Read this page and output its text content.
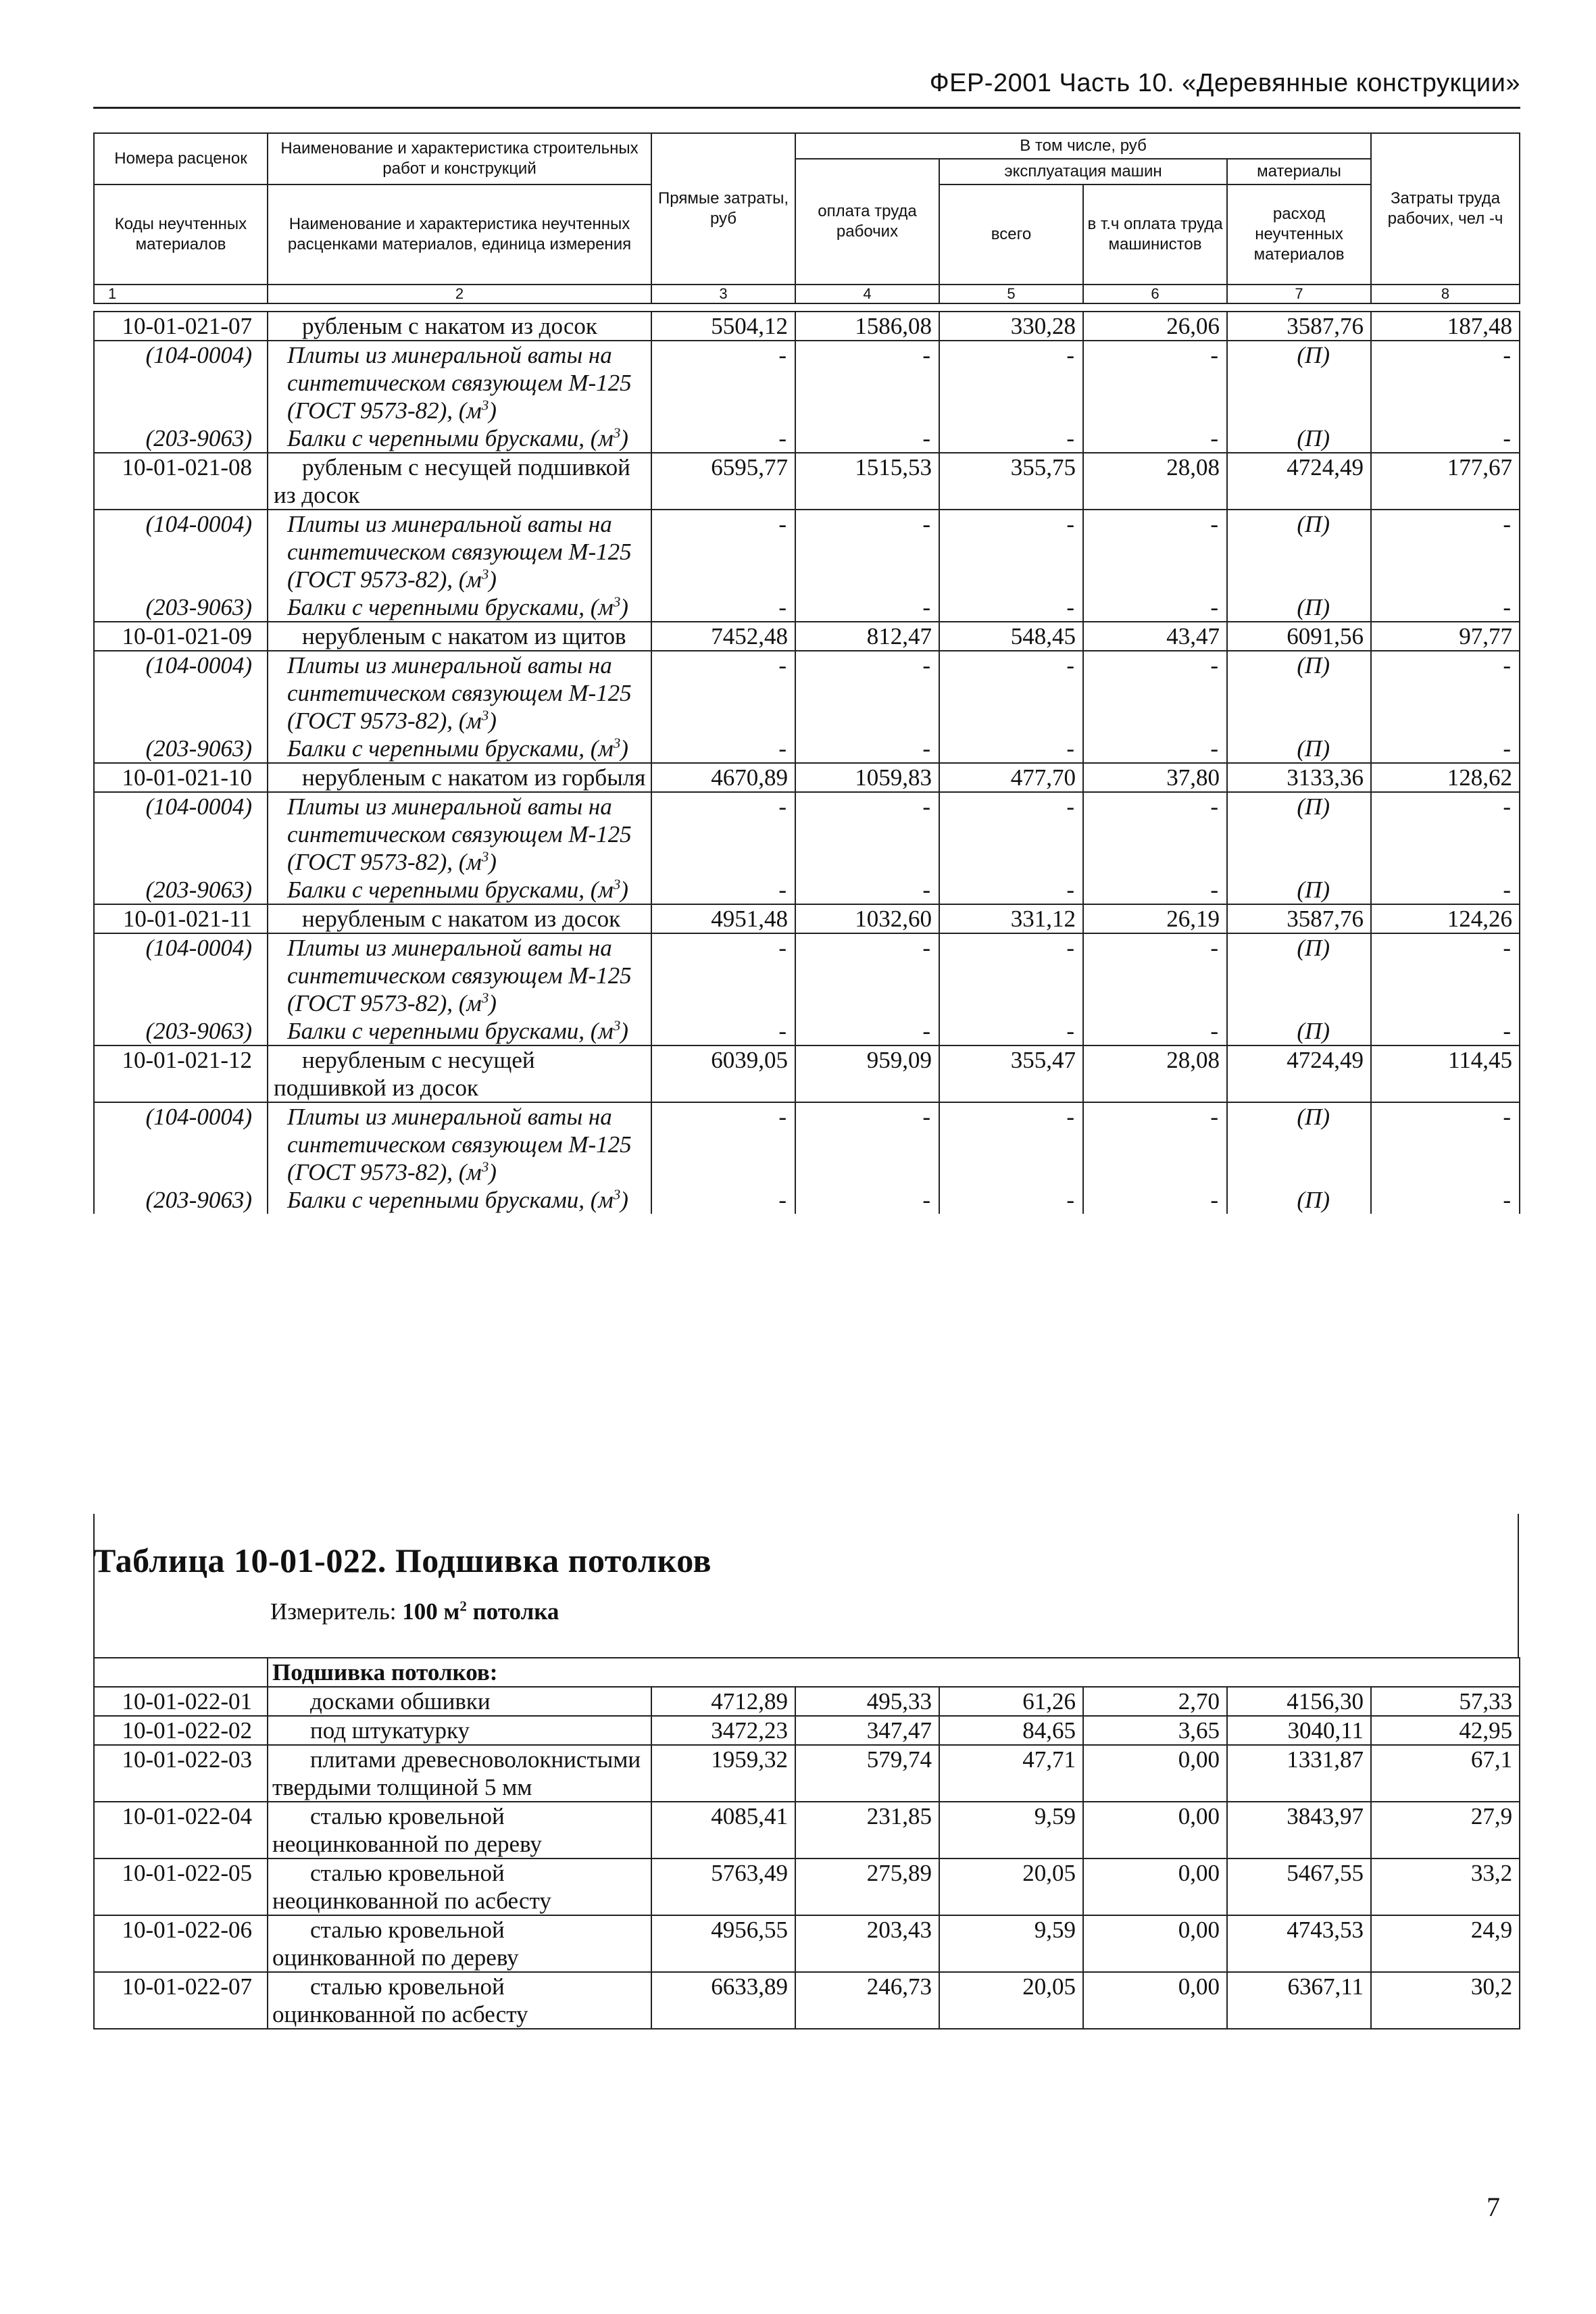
ФЕР-2001 Часть 10. «Деревянные конструкции»
Номера расценок	Наименование и характеристика строительных работ и конструкций	Прямые затраты, руб	В том числе, руб				Затраты труда рабочих, чел -ч
			оплата труда рабочих	эксплуатация машин		материалы	
Коды неучтенных материалов	Наименование и характеристика неучтенных расценками материалов, единица измерения			всего	в т.ч оплата труда машинистов	расход неучтенных материалов	

1	2	3	4	5	6	7	8
10-01-021-07	рубленым с накатом из досок	5504,12	1586,08	330,28	26,06	3587,76	187,48
(104-0004)	Плиты из минеральной ваты на синтетическом связующем М-125 (ГОСТ 9573-82), $(м^3)$	-	-	-	-	(П)	-
(203-9063)	Балки с черепными брусками, $(м^3)$	-	-	-	-	(П)	-
10-01-021-08	рубленым с несущей подшивкой из досок	6595,77	1515,53	355,75	28,08	4724,49	177,67
(104-0004)	Плиты из минеральной ваты на синтетическом связующем М-125 (ГОСТ 9573-82), $(м^3)$	-	-	-	-	(П)	-
(203-9063)	Балки с черепными брусками, $(м^3)$	-	-	-	-	(П)	-
10-01-021-09	нерубленым с накатом из щитов	7452,48	812,47	548,45	43,47	6091,56	97,77
(104-0004)	Плиты из минеральной ваты на синтетическом связующем М-125 (ГОСТ 9573-82), $(м^3)$	-	-	-	-	(П)	-
(203-9063)	Балки с черепными брусками, $(м^3)$	-	-	-	-	(П)	-
10-01-021-10	нерубленым с накатом из горбыля	4670,89	1059,83	477,70	37,80	3133,36	128,62
(104-0004)	Плиты из минеральной ваты на синтетическом связующем М-125 (ГОСТ 9573-82), $(м^3)$	-	-	-	-	(П)	-
(203-9063)	Балки с черепными брусками, $(м^3)$	-	-	-	-	(П)	-
10-01-021-11	нерубленым с накатом из досок	4951,48	1032,60	331,12	26,19	3587,76	124,26
(104-0004)	Плиты из минеральной ваты на синтетическом связующем М-125 (ГОСТ 9573-82), $(м^3)$	-	-	-	-	(П)	-
(203-9063)	Балки с черепными брусками, $(м^3)$	-	-	-	-	(П)	-
10-01-021-12	нерубленым с несущей подшивкой из досок	6039,05	959,09	355,47	28,08	4724,49	114,45
(104-0004)	Плиты из минеральной ваты на синтетическом связующем М-125 (ГОСТ 9573-82), $(м^3)$	-	-	-	-	(П)	-
(203-9063)	Балки с черепными брусками, $(м^3)$	-	-	-	-	(П)	-
Таблица 10-01-022. Подшивка потолков
Измеритель: 100 $м^2$ потолка
	Подшивка потолков:						
10-01-022-01	досками обшивки	4712,89	495,33	61,26	2,70	4156,30	57,33
10-01-022-02	под штукатурку	3472,23	347,47	84,65	3,65	3040,11	42,95
10-01-022-03	плитами древесноволокнистыми твердыми толщиной 5 мм	1959,32	579,74	47,71	0,00	1331,87	67,1
10-01-022-04	сталью кровельной неоцинкованной по дереву	4085,41	231,85	9,59	0,00	3843,97	27,9
10-01-022-05	сталью кровельной неоцинкованной по асбесту	5763,49	275,89	20,05	0,00	5467,55	33,2
10-01-022-06	сталью кровельной оцинкованной по дереву	4956,55	203,43	9,59	0,00	4743,53	24,9
10-01-022-07	сталью кровельной оцинкованной по асбесту	6633,89	246,73	20,05	0,00	6367,11	30,2
7
